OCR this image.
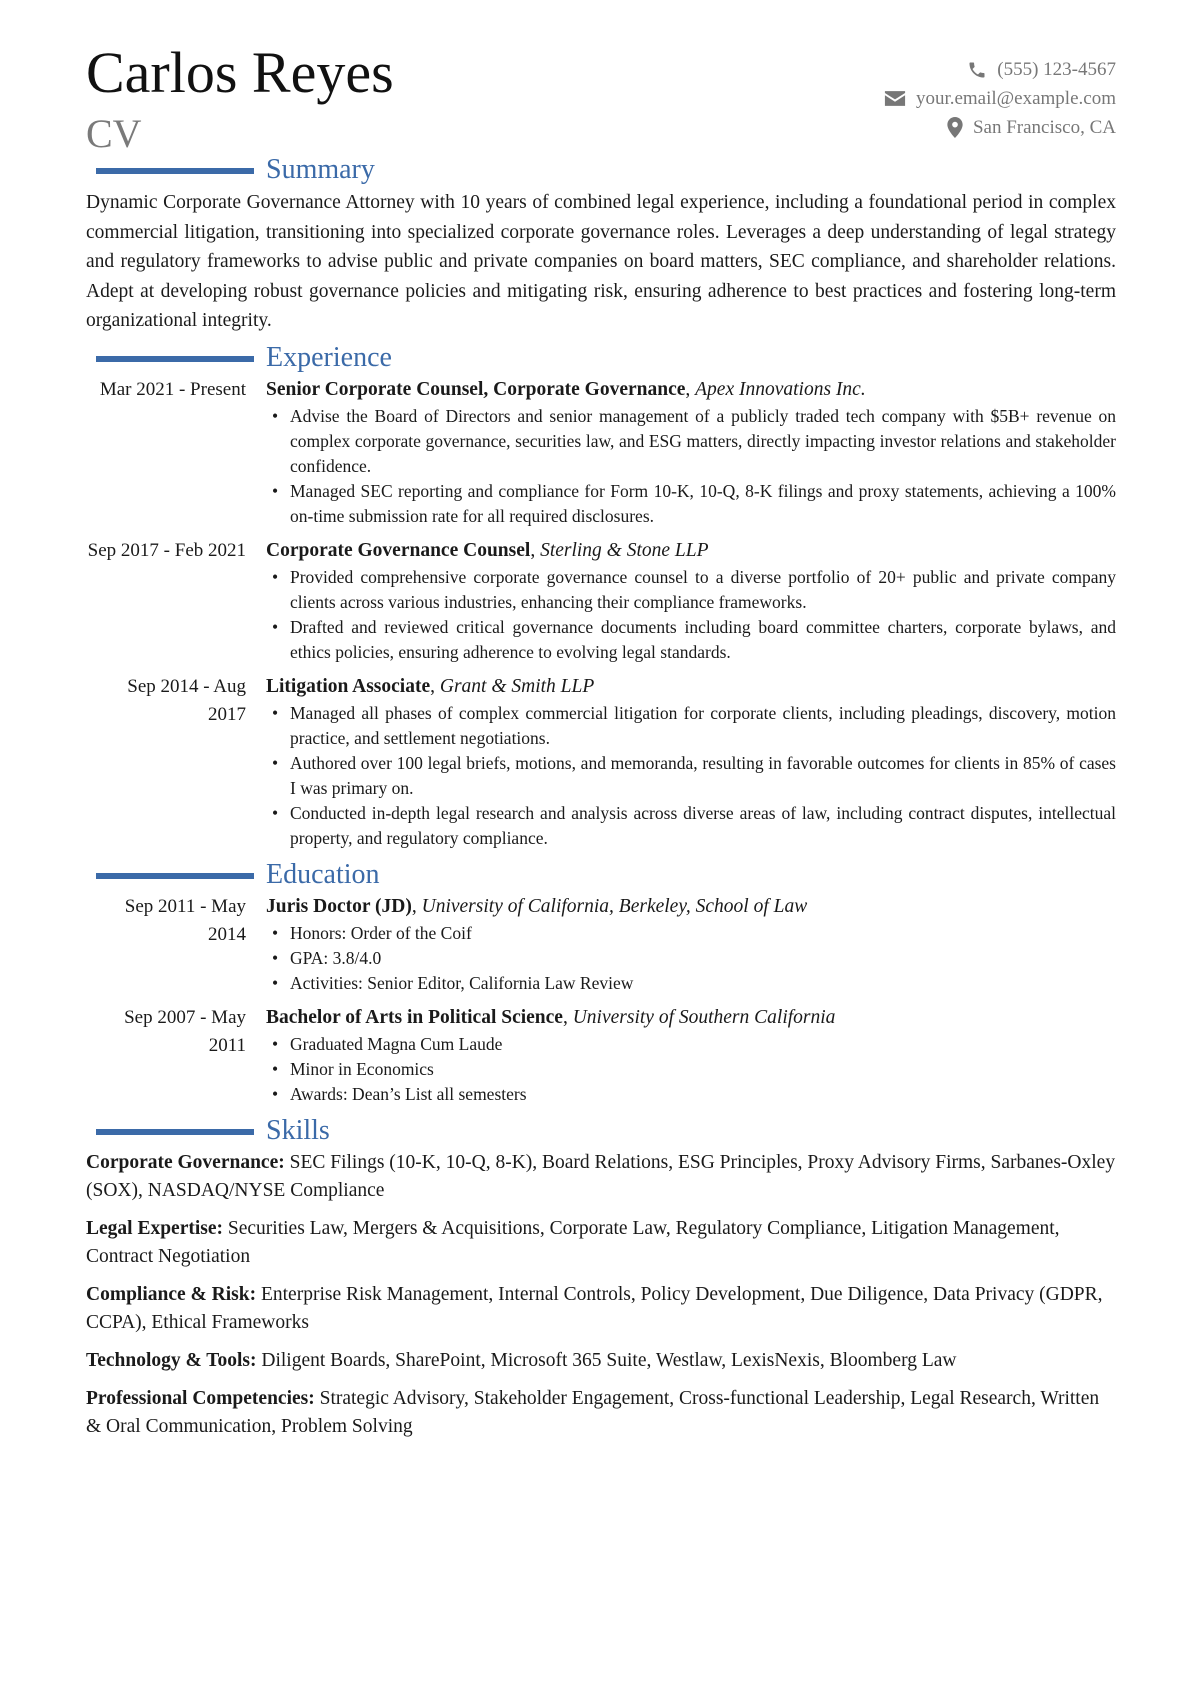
Carlos Reyes
CV
(555) 123-4567
your.email@example.com
San Francisco, CA
Summary

Dynamic Corporate Governance Attorney with 10 years of combined legal experience, including a foundational period in complex commercial litigation, transitioning into specialized corporate governance roles. Leverages a deep understanding of legal strategy and regulatory frameworks to advise public and private companies on board matters, SEC compliance, and shareholder relations. Adept at developing robust governance policies and mitigating risk, ensuring adherence to best practices and fostering long-term organizational integrity.

Experience
Mar 2021 - Present	Senior Corporate Counsel, Corporate Governance, Apex Innovations Inc.
• Advise the Board of Directors and senior management of a publicly traded tech company with $5B+ revenue on complex corporate governance, securities law, and ESG matters, directly impacting investor relations and stakeholder confidence.
• Managed SEC reporting and compliance for Form 10-K, 10-Q, 8-K filings and proxy statements, achieving a 100% on-time submission rate for all required disclosures.
Sep 2017 - Feb 2021	Corporate Governance Counsel, Sterling & Stone LLP
• Provided comprehensive corporate governance counsel to a diverse portfolio of 20+ public and private company clients across various industries, enhancing their compliance frameworks.
• Drafted and reviewed critical governance documents including board committee charters, corporate bylaws, and ethics policies, ensuring adherence to evolving legal standards.
Sep 2014 - Aug 2017
Litigation Associate, Grant & Smith LLP
• Managed all phases of complex commercial litigation for corporate clients, including pleadings, discovery, motion practice, and settlement negotiations.
• Authored over 100 legal briefs, motions, and memoranda, resulting in favorable outcomes for clients in 85% of cases I was primary on.
• Conducted in-depth legal research and analysis across diverse areas of law, including contract disputes, intellectual property, and regulatory compliance.
Education
Sep 2011 - May 2014
Juris Doctor (JD), University of California, Berkeley, School of Law
• Honors: Order of the Coif
• GPA: 3.8/4.0
• Activities: Senior Editor, California Law Review
Sep 2007 - May 2011
Bachelor of Arts in Political Science, University of Southern California
• Graduated Magna Cum Laude
• Minor in Economics
• Awards: Dean’s List all semesters
Skills

Corporate Governance: SEC Filings (10-K, 10-Q, 8-K), Board Relations, ESG Principles, Proxy Advisory Firms, Sarbanes-Oxley (SOX), NASDAQ/NYSE Compliance

Legal Expertise: Securities Law, Mergers & Acquisitions, Corporate Law, Regulatory Compliance, Litigation Management, Contract Negotiation

Compliance & Risk: Enterprise Risk Management, Internal Controls, Policy Development, Due Diligence, Data Privacy (GDPR, CCPA), Ethical Frameworks

Technology & Tools: Diligent Boards, SharePoint, Microsoft 365 Suite, Westlaw, LexisNexis, Bloomberg Law

Professional Competencies: Strategic Advisory, Stakeholder Engagement, Cross-functional Leadership, Legal Research, Written & Oral Communication, Problem Solving
